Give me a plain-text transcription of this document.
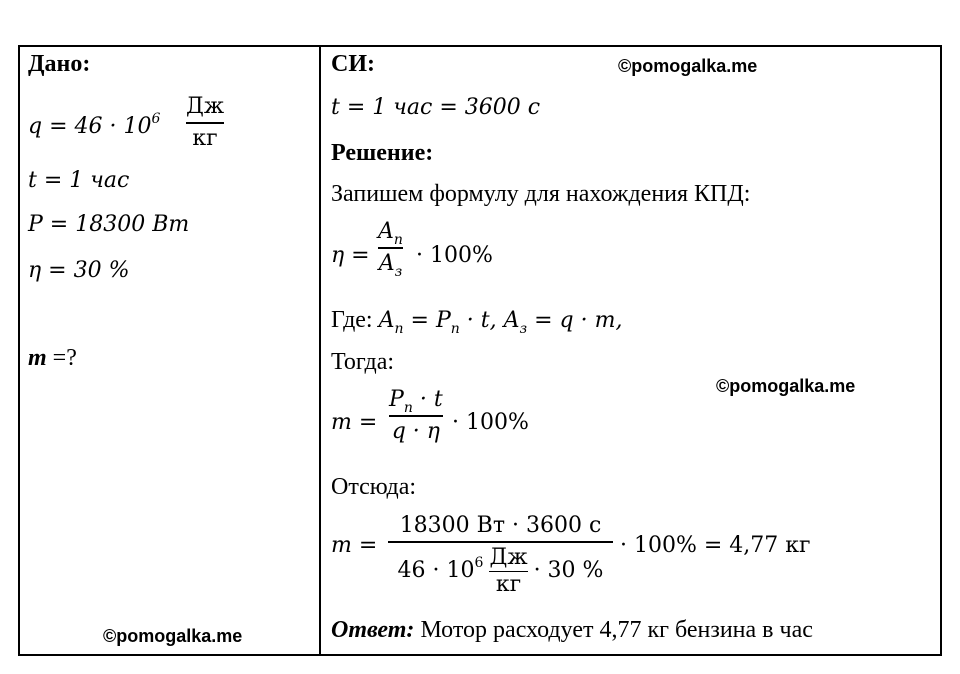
Дано:
$q = 46 \cdot 10^6$ Дж
кг
t = 1 час
P = 18300 Вт
η = 30 %
m =?
©pomogalka.me
СИ:	©pomogalka.me
t = 1 час = 3600 с
Решение:
Запишем формулу для нахождения КПД:
η =
$A_п$
$A_з$
· 100%
Где: $A_п = P_п \cdot t$, $A_з = q \cdot m$,
Тогда:
©pomogalka.me
m =
$P_п \cdot t$
q · η · 100%
Отсюда:
m =
18300 Вт · 3600 с
$46 \cdot 10^6$ Дж
кг
· 30 %
· 100% = 4,77 кг
Ответ: Мотор расходует 4,77 кг бензина в час
